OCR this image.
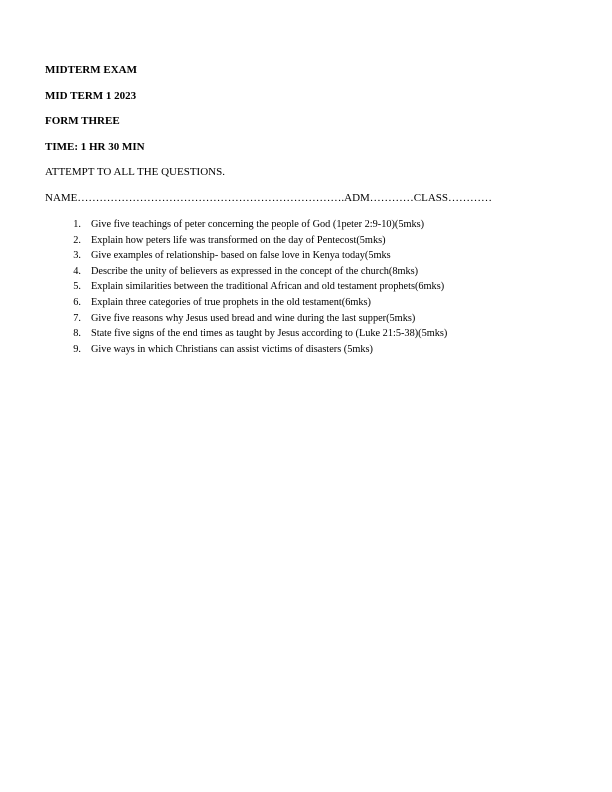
MIDTERM EXAM
MID TERM 1 2023
FORM THREE
TIME: 1 HR 30 MIN
ATTEMPT TO ALL THE QUESTIONS.
NAME……………………………………………………………….ADM…………CLASS…………
1. Give five teachings of peter concerning the people of God (1peter 2:9-10)(5mks)
2. Explain how peters life was transformed on the day of Pentecost(5mks)
3. Give examples of relationship- based on false love in Kenya today(5mks
4. Describe the unity of believers as expressed in the concept of the church(8mks)
5. Explain similarities between the traditional African and old testament prophets(6mks)
6. Explain three categories of true prophets in the old testament(6mks)
7. Give five reasons why Jesus used bread and wine during the last supper(5mks)
8. State five signs of the end times as taught by Jesus according to (Luke 21:5-38)(5mks)
9. Give ways in which Christians can assist victims of disasters (5mks)
